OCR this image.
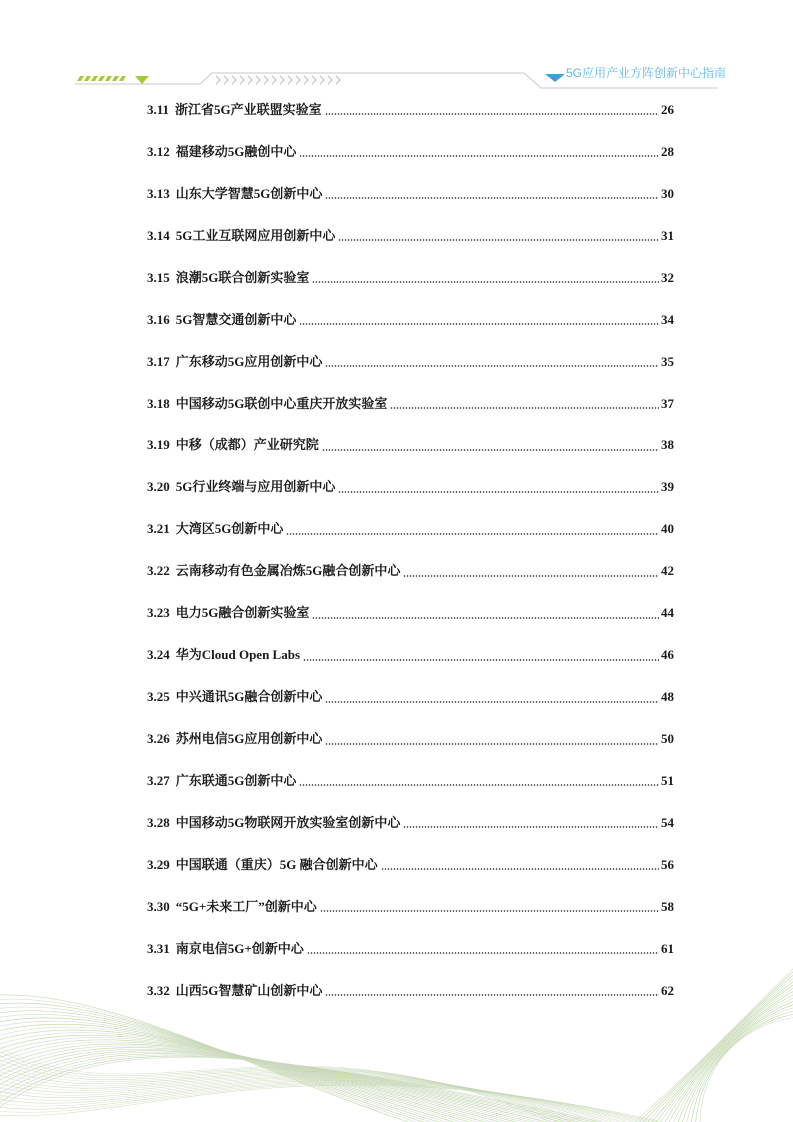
5G应用产业方阵创新中心指南
3.11 浙江省5G产业联盟实验室	26
3.12 福建移动5G融创中心	28
3.13 山东大学智慧5G创新中心	30
3.14 5G工业互联网应用创新中心	31
3.15 浪潮5G联合创新实验室	32
3.16 5G智慧交通创新中心	34
3.17 广东移动5G应用创新中心	35
3.18 中国移动5G联创中心重庆开放实验室	37
3.19 中移（成都）产业研究院	38
3.20 5G行业终端与应用创新中心	39
3.21 大湾区5G创新中心	40
3.22 云南移动有色金属冶炼5G融合创新中心	42
3.23 电力5G融合创新实验室	44
3.24 华为Cloud Open Labs	46
3.25 中兴通讯5G融合创新中心	48
3.26 苏州电信5G应用创新中心	50
3.27 广东联通5G创新中心	51
3.28 中国移动5G物联网开放实验室创新中心	54
3.29 中国联通（重庆）5G 融合创新中心	56
3.30 “5G+未来工厂”创新中心	58
3.31 南京电信5G+创新中心	61
3.32 山西5G智慧矿山创新中心	62
